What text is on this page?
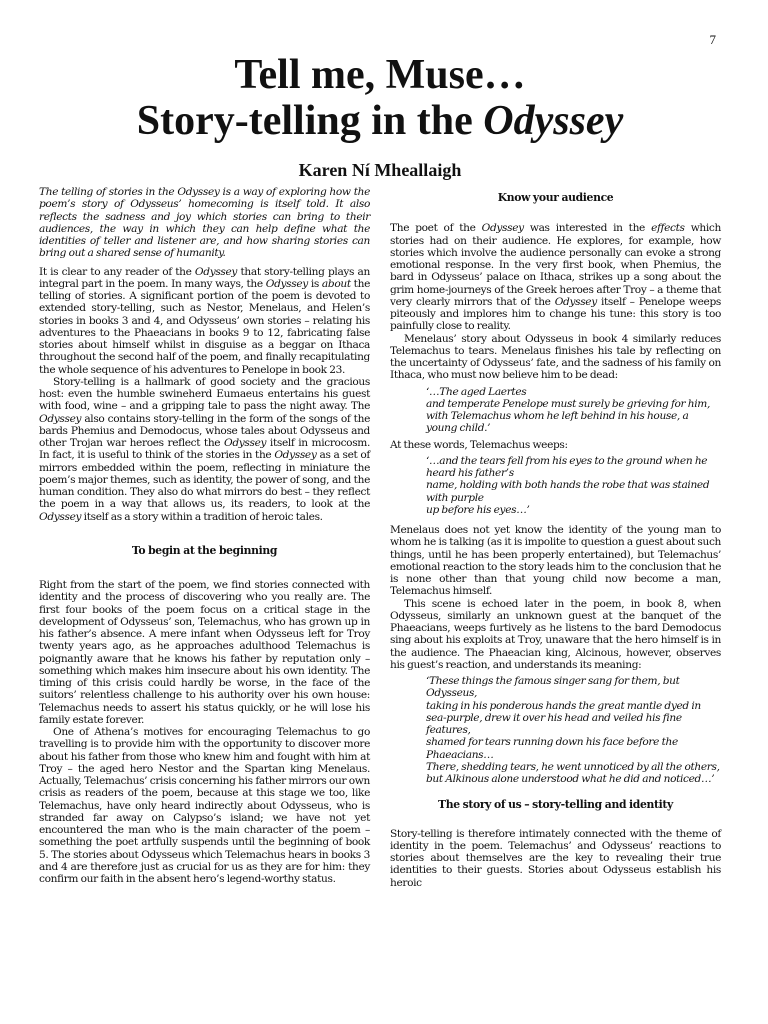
7
Tell me, Muse…
Story-telling in the Odyssey
Karen Ní Mheallaigh

The telling of stories in the Odyssey is a way of exploring how the poem’s story of Odysseus’ homecoming is itself told. It also reflects the sadness and joy which stories can bring to their audiences, the way in which they can help define what the identities of teller and listener are, and how sharing stories can bring out a shared sense of humanity.

It is clear to any reader of the Odyssey that story-telling plays an integral part in the poem. In many ways, the Odyssey is about the telling of stories. A significant portion of the poem is devoted to extended story-telling, such as Nestor, Menelaus, and Helen’s stories in books 3 and 4, and Odysseus’ own stories – relating his adventures to the Phaeacians in books 9 to 12, fabricating false stories about himself whilst in disguise as a beggar on Ithaca throughout the second half of the poem, and finally recapitulating the whole sequence of his adventures to Penelope in book 23.

Story-telling is a hallmark of good society and the gracious host: even the humble swineherd Eumaeus entertains his guest with food, wine – and a gripping tale to pass the night away. The Odyssey also contains story-telling in the form of the songs of the bards Phemius and Demodocus, whose tales about Odysseus and other Trojan war heroes reflect the Odyssey itself in microcosm. In fact, it is useful to think of the stories in the Odyssey as a set of mirrors embedded within the poem, reflecting in miniature the poem’s major themes, such as identity, the power of song, and the human condition. They also do what mirrors do best – they reflect the poem in a way that allows us, its readers, to look at the Odyssey itself as a story within a tradition of heroic tales.

To begin at the beginning

Right from the start of the poem, we find stories connected with identity and the process of discovering who you really are. The first four books of the poem focus on a critical stage in the development of Odysseus’ son, Telemachus, who has grown up in his father’s absence. A mere infant when Odysseus left for Troy twenty years ago, as he approaches adulthood Telemachus is poignantly aware that he knows his father by reputation only – something which makes him insecure about his own identity. The timing of this crisis could hardly be worse, in the face of the suitors’ relentless challenge to his authority over his own house: Telemachus needs to assert his status quickly, or he will lose his family estate forever.

One of Athena’s motives for encouraging Telemachus to go travelling is to provide him with the opportunity to discover more about his father from those who knew him and fought with him at Troy – the aged hero Nestor and the Spartan king Menelaus. Actually, Telemachus’ crisis concerning his father mirrors our own crisis as readers of the poem, because at this stage we too, like Telemachus, have only heard indirectly about Odysseus, who is stranded far away on Calypso’s island; we have not yet encountered the man who is the main character of the poem – something the poet artfully suspends until the beginning of book 5. The stories about Odysseus which Telemachus hears in books 3 and 4 are therefore just as crucial for us as they are for him: they confirm our faith in the absent hero’s legend-worthy status.

Know your audience

The poet of the Odyssey was interested in the effects which stories had on their audience. He explores, for example, how stories which involve the audience personally can evoke a strong emotional response. In the very first book, when Phemius, the bard in Odysseus’ palace on Ithaca, strikes up a song about the grim home-journeys of the Greek heroes after Troy – a theme that very clearly mirrors that of the Odyssey itself – Penelope weeps piteously and implores him to change his tune: this story is too painfully close to reality.

Menelaus’ story about Odysseus in book 4 similarly reduces Telemachus to tears. Menelaus finishes his tale by reflecting on the uncertainty of Odysseus’ fate, and the sadness of his family on Ithaca, who must now believe him to be dead:

‘…The aged Laertes

and temperate Penelope must surely be grieving for him,

with Telemachus whom he left behind in his house, a young child.’

At these words, Telemachus weeps:

‘…and the tears fell from his eyes to the ground when he heard his father’s

name, holding with both hands the robe that was stained with purple

up before his eyes…’

Menelaus does not yet know the identity of the young man to whom he is talking (as it is impolite to question a guest about such things, until he has been properly entertained), but Telemachus’ emotional reaction to the story leads him to the conclusion that he is none other than that young child now become a man, Telemachus himself.

This scene is echoed later in the poem, in book 8, when Odysseus, similarly an unknown guest at the banquet of the Phaeacians, weeps furtively as he listens to the bard Demodocus sing about his exploits at Troy, unaware that the hero himself is in the audience. The Phaeacian king, Alcinous, however, observes his guest’s reaction, and understands its meaning:

‘These things the famous singer sang for them, but Odysseus,

taking in his ponderous hands the great mantle dyed in sea-purple, drew it over his head and veiled his fine features,

shamed for tears running down his face before the Phaeacians…

There, shedding tears, he went unnoticed by all the others,

but Alkinous alone understood what he did and noticed…’

The story of us – story-telling and identity

Story-telling is therefore intimately connected with the theme of identity in the poem. Telemachus’ and Odysseus’ reactions to stories about themselves are the key to revealing their true identities to their guests. Stories about Odysseus establish his heroic
